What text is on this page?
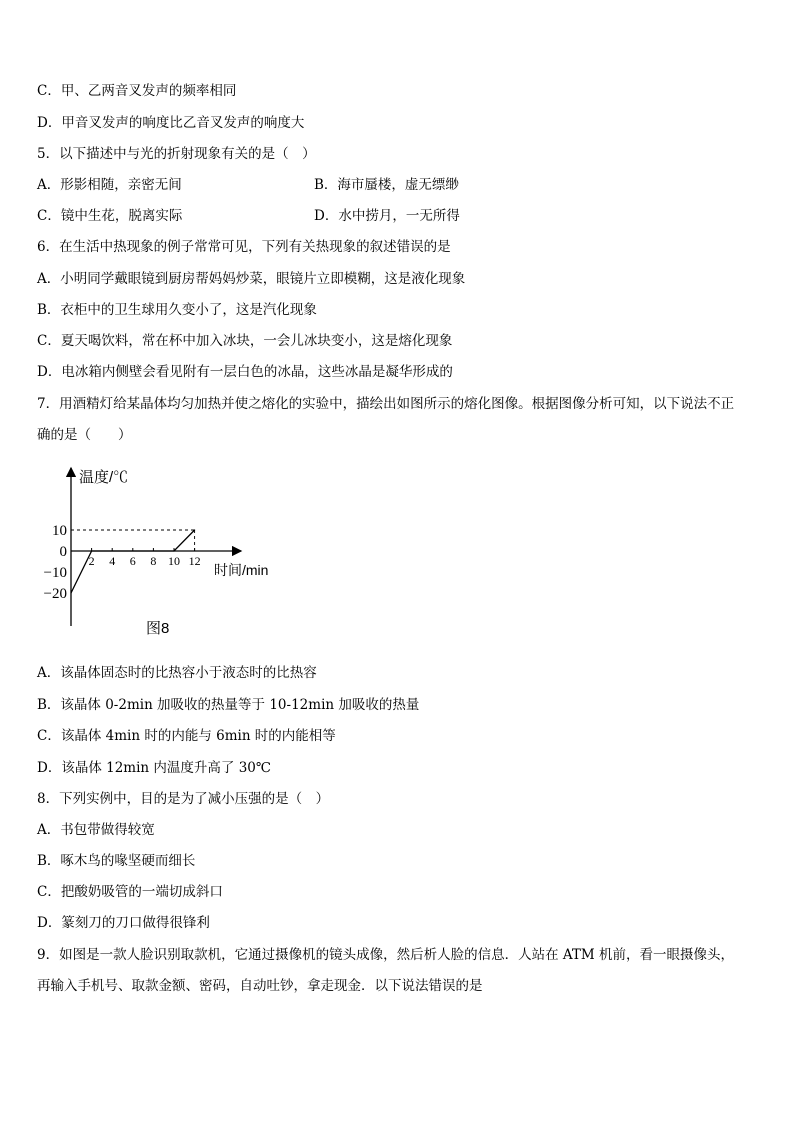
C．甲、乙两音叉发声的频率相同
D．甲音叉发声的响度比乙音叉发声的响度大
5．以下描述中与光的折射现象有关的是（　）
A．形影相随，亲密无间	B．海市蜃楼，虚无缥缈
C．镜中生花，脱离实际	D．水中捞月，一无所得
6．在生活中热现象的例子常常可见，下列有关热现象的叙述错误的是
A．小明同学戴眼镜到厨房帮妈妈炒菜，眼镜片立即模糊，这是液化现象
B．衣柜中的卫生球用久变小了，这是汽化现象
C．夏天喝饮料，常在杯中加入冰块，一会儿冰块变小，这是熔化现象
D．电冰箱内侧壁会看见附有一层白色的冰晶，这些冰晶是凝华形成的
7．用酒精灯给某晶体均匀加热并使之熔化的实验中，描绘出如图所示的熔化图像。根据图像分析可知，以下说法不正
确的是（　　）
温度/℃
时间/min
图8
2 4 6 8 10 12
10
0
−10
−20
A．该晶体固态时的比热容小于液态时的比热容
B．该晶体 0-2min 加吸收的热量等于 10-12min 加吸收的热量
C．该晶体 4min 时的内能与 6min 时的内能相等
D．该晶体 12min 内温度升高了 30℃
8．下列实例中，目的是为了减小压强的是（　）
A．书包带做得较宽
B．啄木鸟的喙坚硬而细长
C．把酸奶吸管的一端切成斜口
D．篆刻刀的刀口做得很锋利
9．如图是一款人脸识别取款机，它通过摄像机的镜头成像，然后析人脸的信息．人站在 ATM 机前，看一眼摄像头，
再输入手机号、取款金额、密码，自动吐钞，拿走现金．以下说法错误的是
